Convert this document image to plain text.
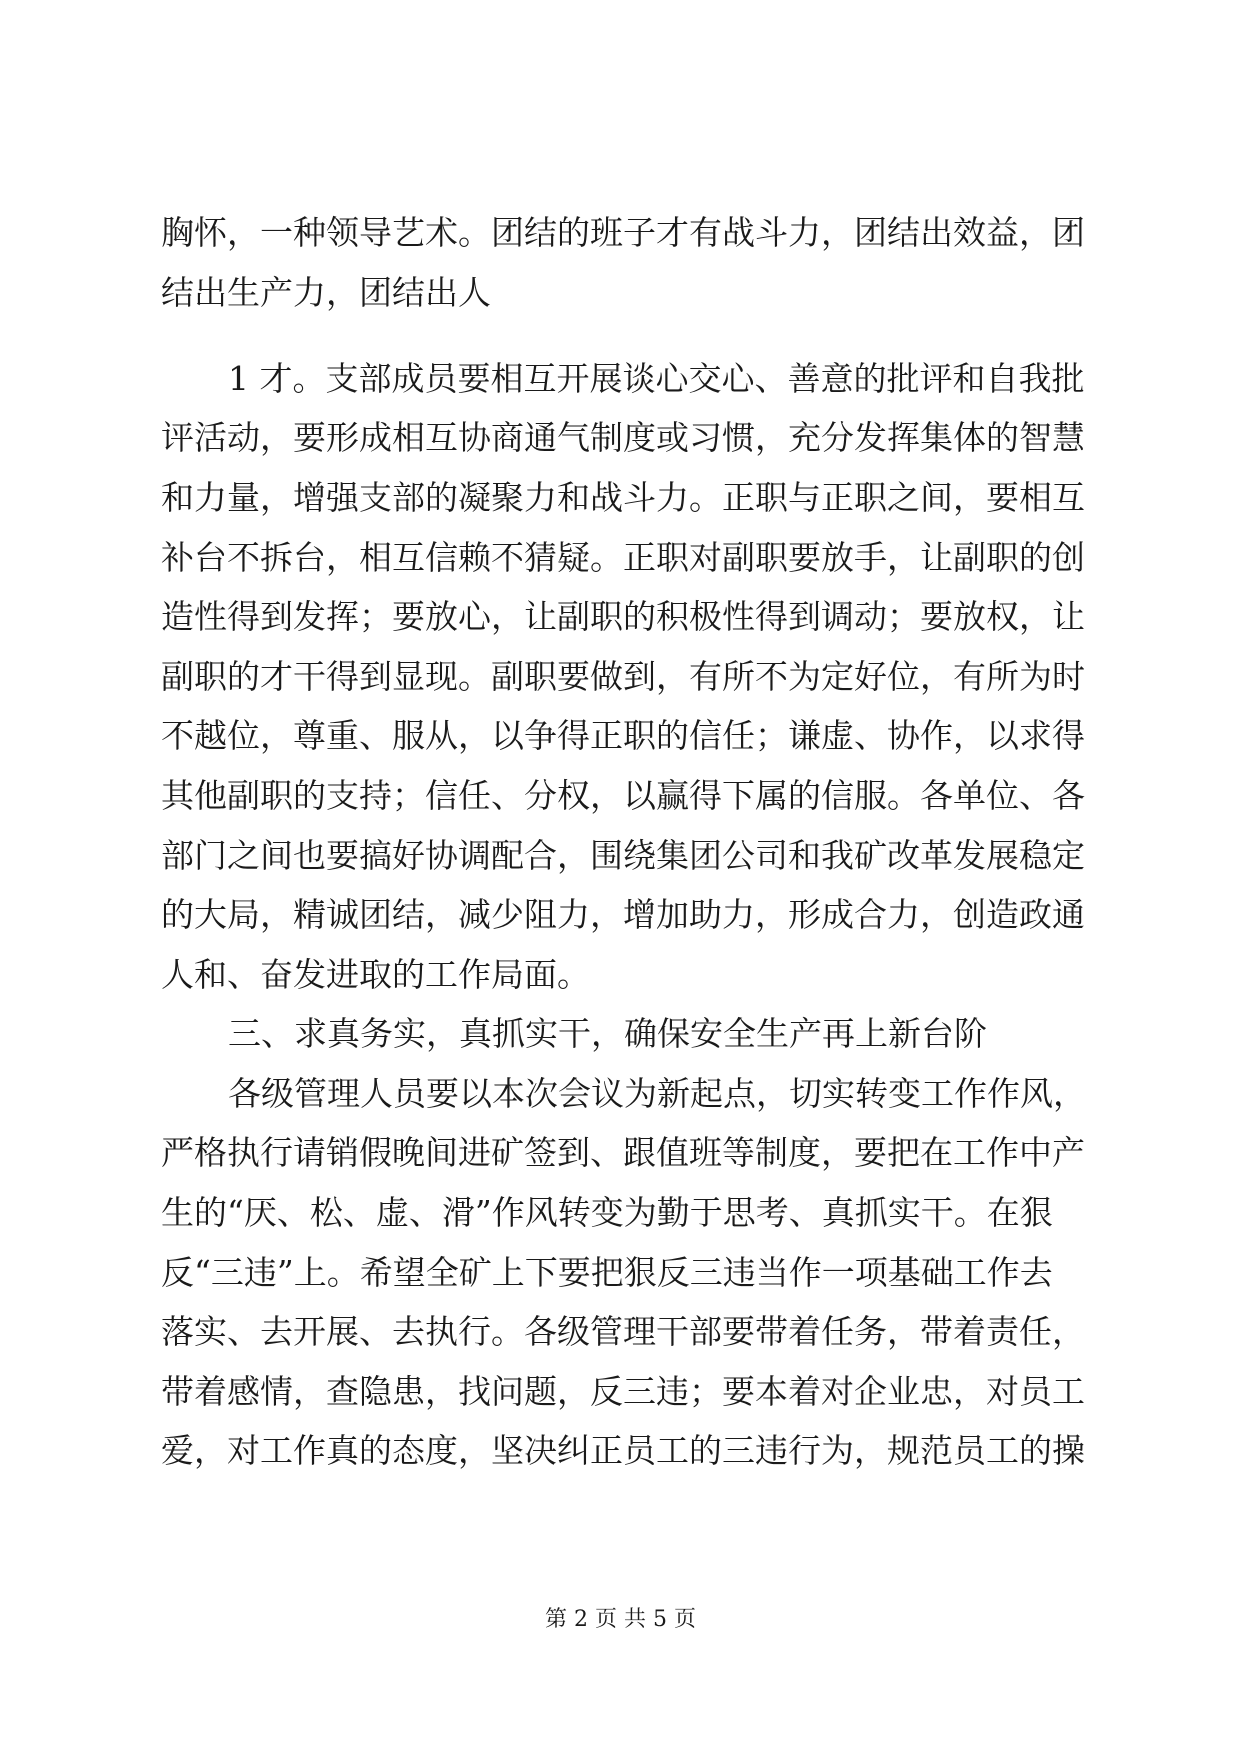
胸怀，一种领导艺术。团结的班子才有战斗力，团结出效益，团
结出生产力，团结出人
1 才。支部成员要相互开展谈心交心、善意的批评和自我批
评活动，要形成相互协商通气制度或习惯，充分发挥集体的智慧
和力量，增强支部的凝聚力和战斗力。正职与正职之间，要相互
补台不拆台，相互信赖不猜疑。正职对副职要放手，让副职的创
造性得到发挥；要放心，让副职的积极性得到调动；要放权，让
副职的才干得到显现。副职要做到，有所不为定好位，有所为时
不越位，尊重、服从，以争得正职的信任；谦虚、协作，以求得
其他副职的支持；信任、分权，以赢得下属的信服。各单位、各
部门之间也要搞好协调配合，围绕集团公司和我矿改革发展稳定
的大局，精诚团结，减少阻力，增加助力，形成合力，创造政通
人和、奋发进取的工作局面。
三、求真务实，真抓实干，确保安全生产再上新台阶
各级管理人员要以本次会议为新起点，切实转变工作作风，
严格执行请销假晚间进矿签到、跟值班等制度，要把在工作中产
生的“厌、松、虚、滑”作风转变为勤于思考、真抓实干。在狠
反“三违”上。希望全矿上下要把狠反三违当作一项基础工作去
落实、去开展、去执行。各级管理干部要带着任务，带着责任，
带着感情，查隐患，找问题，反三违；要本着对企业忠，对员工
爱，对工作真的态度，坚决纠正员工的三违行为，规范员工的操
第 2 页 共 5 页
